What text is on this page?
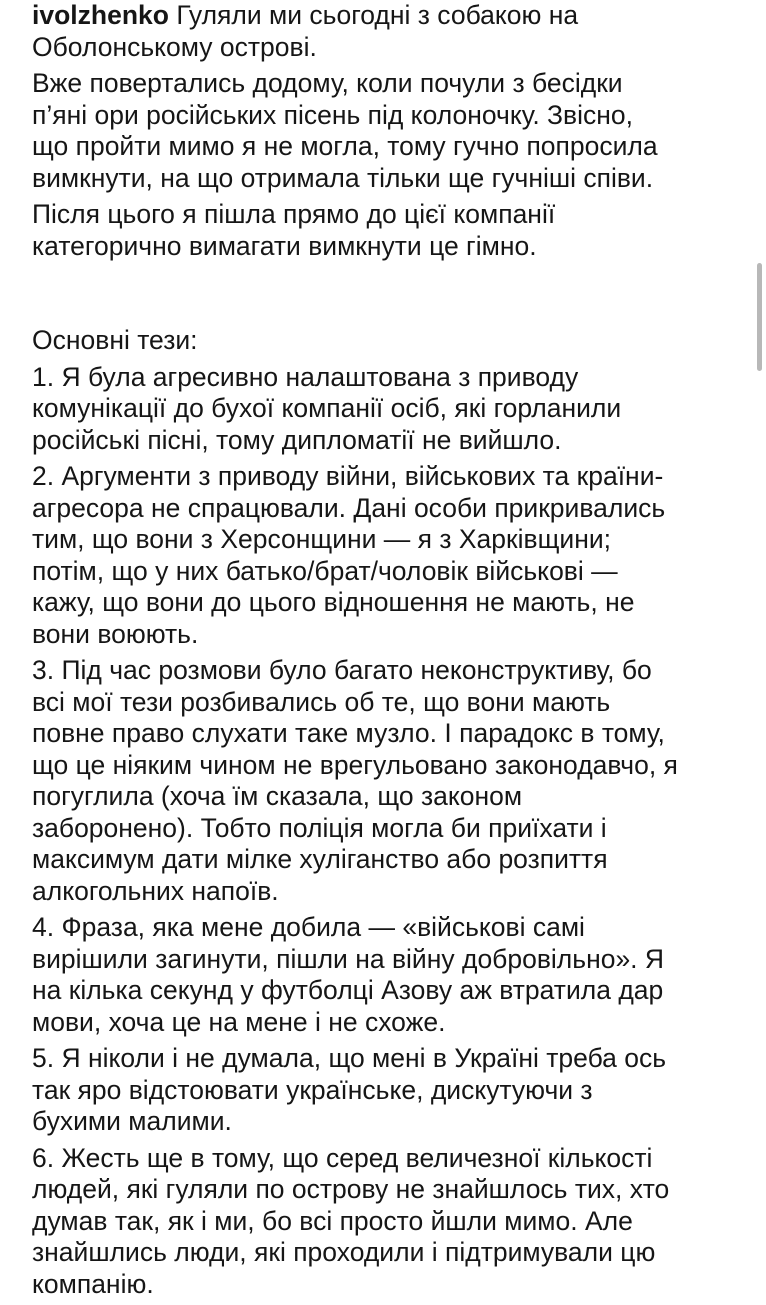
ivolzhenko Гуляли ми сьогодні з собакою на
Оболонському острові.
Вже повертались додому, коли почули з бесідки
п’яні ори російських пісень під колоночку. Звісно,
що пройти мимо я не могла, тому гучно попросила
вимкнути, на що отримала тільки ще гучніші співи.
Після цього я пішла прямо до цієї компанії
категорично вимагати вимкнути це гімно.
Основні тези:
1. Я була агресивно налаштована з приводу
комунікації до бухої компанії осіб, які горланили
російські пісні, тому дипломатії не вийшло.
2. Аргументи з приводу війни, військових та країни-
агресора не спрацювали. Дані особи прикривались
тим, що вони з Херсонщини — я з Харківщини;
потім, що у них батько/брат/чоловік військові —
кажу, що вони до цього відношення не мають, не
вони воюють.
3. Під час розмови було багато неконструктиву, бо
всі мої тези розбивались об те, що вони мають
повне право слухати таке музло. І парадокс в тому,
що це ніяким чином не врегульовано законодавчо, я
погуглила (хоча їм сказала, що законом
заборонено). Тобто поліція могла би приїхати і
максимум дати мілке хуліганство або розпиття
алкогольних напоїв.
4. Фраза, яка мене добила — «військові самі
вирішили загинути, пішли на війну добровільно». Я
на кілька секунд у футболці Азову аж втратила дар
мови, хоча це на мене і не схоже.
5. Я ніколи і не думала, що мені в Україні треба ось
так яро відстоювати українське, дискутуючи з
бухими малими.
6. Жесть ще в тому, що серед величезної кількості
людей, які гуляли по острову не знайшлось тих, хто
думав так, як і ми, бо всі просто йшли мимо. Але
знайшлись люди, які проходили і підтримували цю
компанію.
